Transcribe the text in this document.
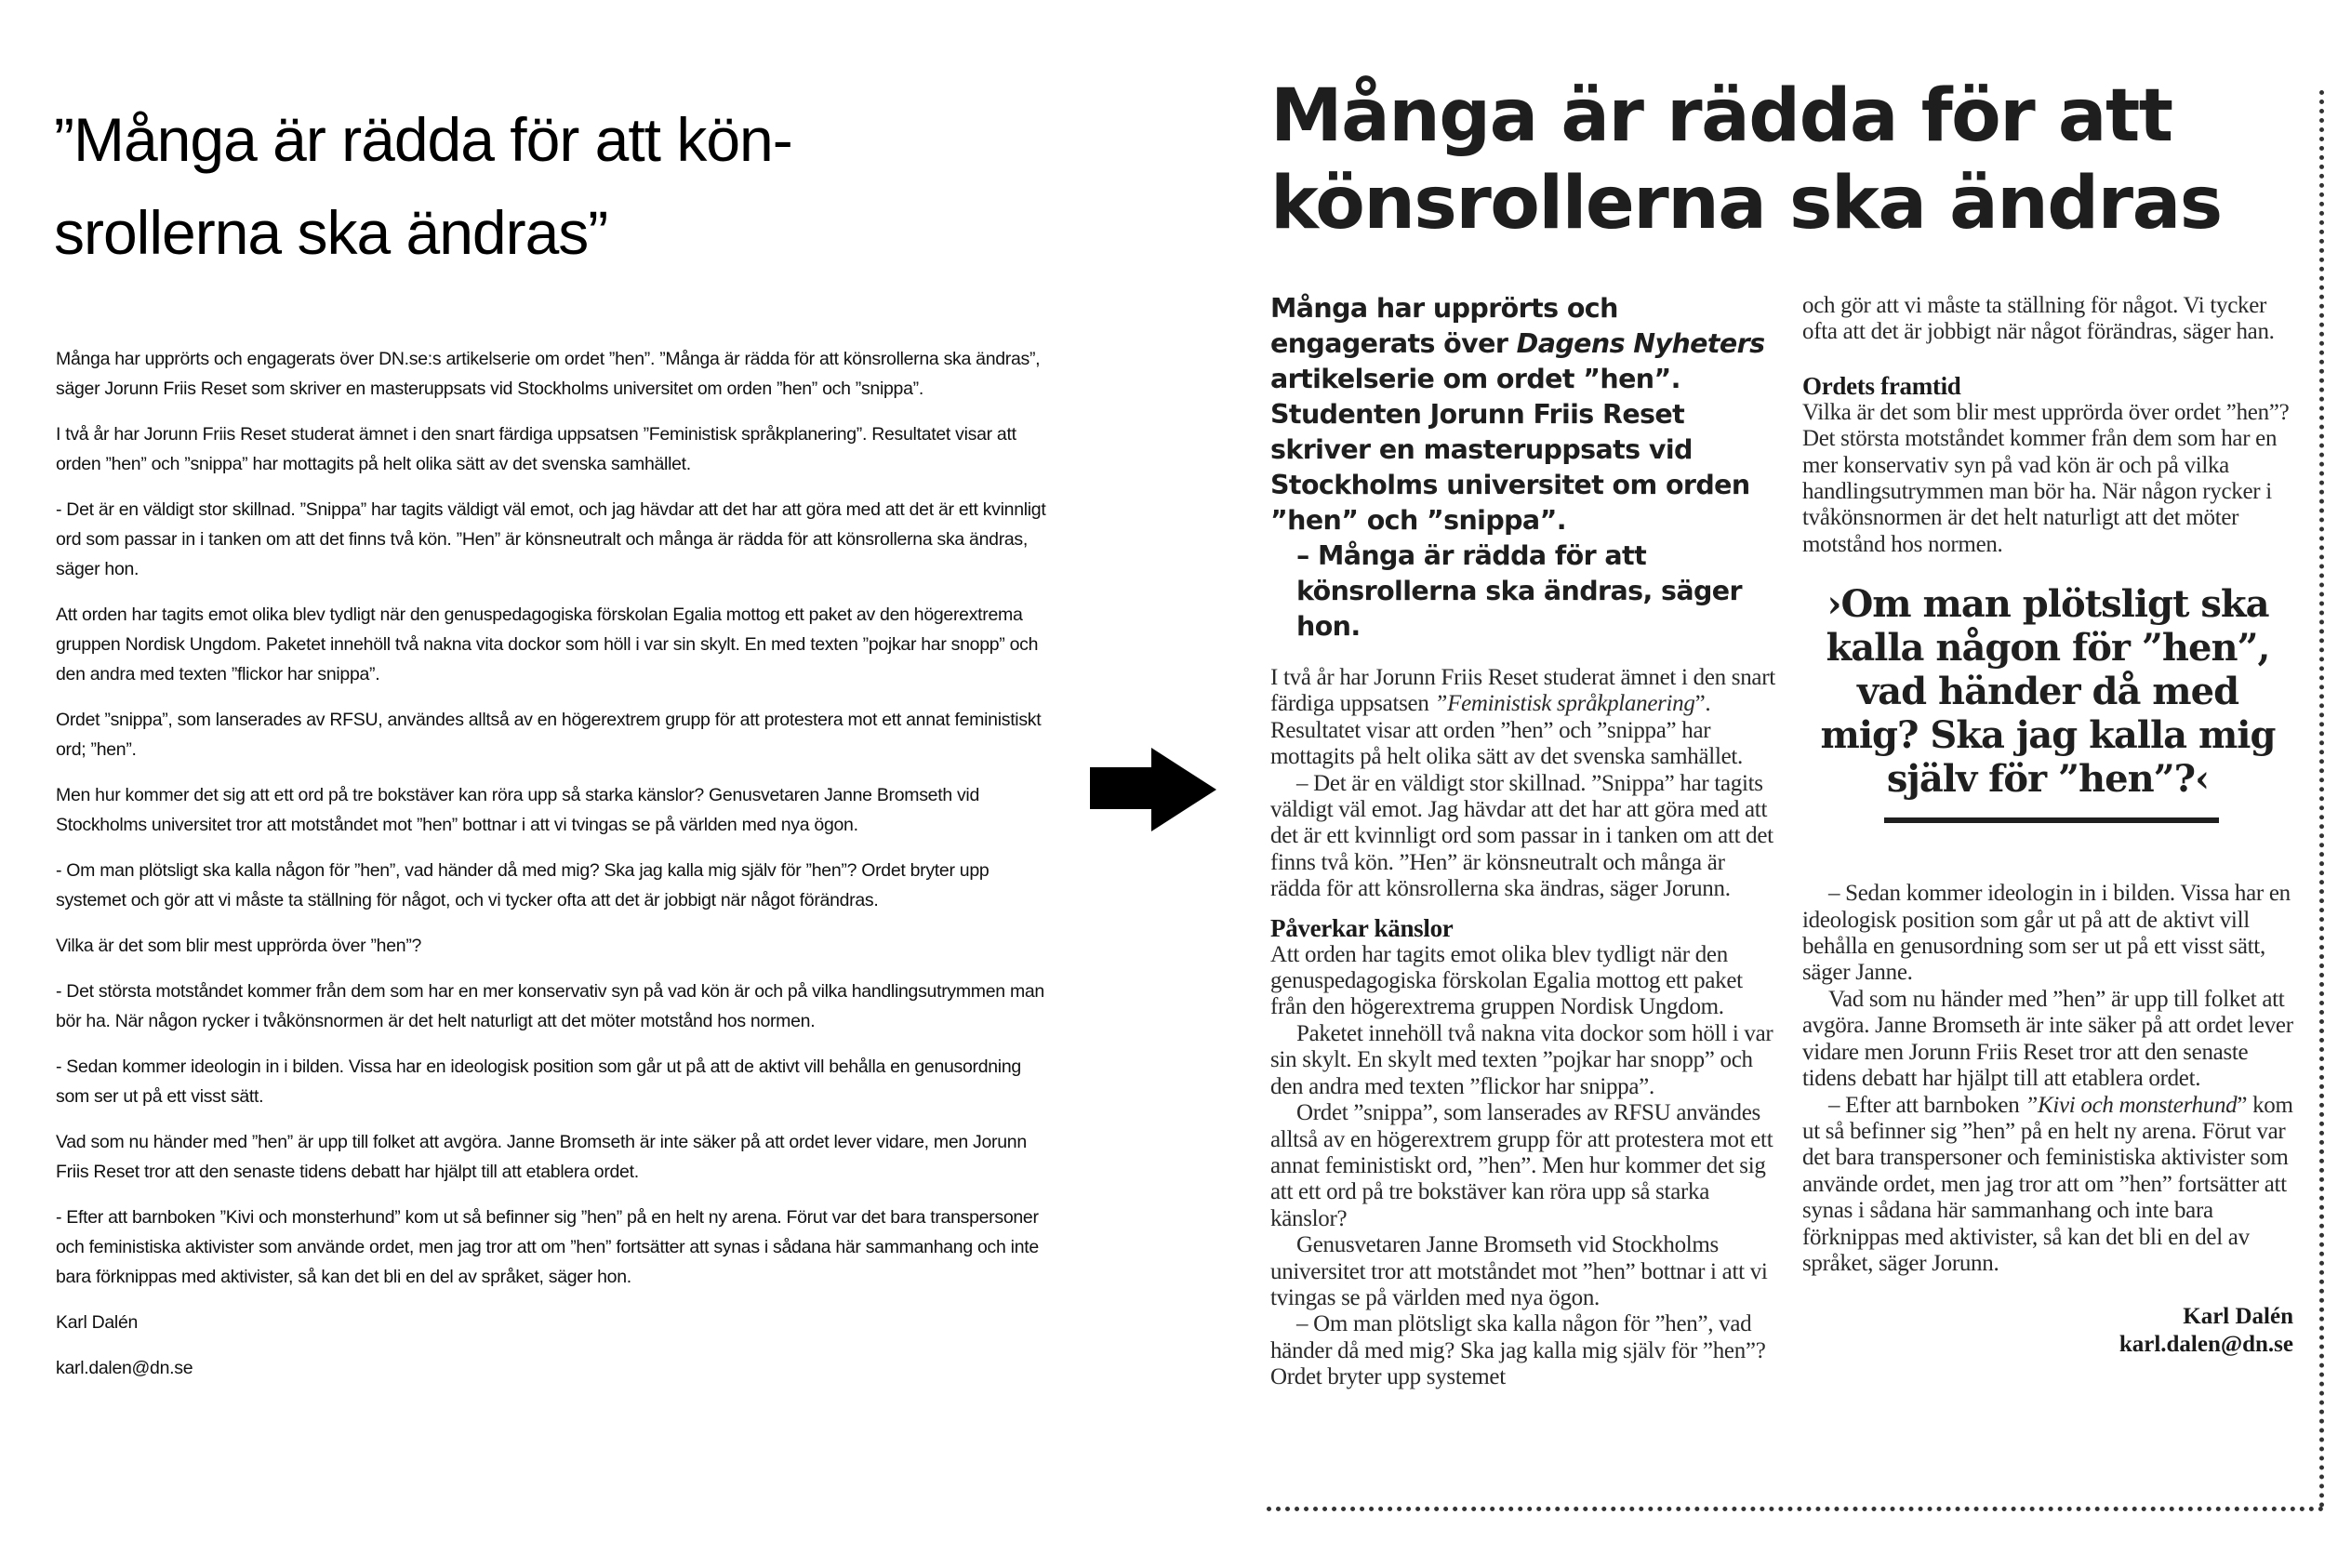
”Många är rädda för att kön-
srollerna ska ändras”

Många har upprörts och engagerats över DN.se:s artikelserie om ordet ”hen”. ”Många är rädda för att könsrollerna ska ändras”, säger Jorunn Friis Reset som skriver en masteruppsats vid Stockholms universitet om orden ”hen” och ”snippa”.

I två år har Jorunn Friis Reset studerat ämnet i den snart färdiga uppsatsen ”Feministisk språkplanering”. Resultatet visar att orden ”hen” och ”snippa” har mottagits på helt olika sätt av det svenska samhället.

- Det är en väldigt stor skillnad. ”Snippa” har tagits väldigt väl emot, och jag hävdar att det har att göra med att det är ett kvinnligt ord som passar in i tanken om att det finns två kön. ”Hen” är könsneutralt och många är rädda för att könsrollerna ska ändras, säger hon.

Att orden har tagits emot olika blev tydligt när den genuspedagogiska förskolan Egalia mottog ett paket av den högerextrema gruppen Nordisk Ungdom. Paketet innehöll två nakna vita dockor som höll i var sin skylt. En med texten ”pojkar har snopp” och den andra med texten ”flickor har snippa”.

Ordet ”snippa”, som lanserades av RFSU, användes alltså av en högerextrem grupp för att protestera mot ett annat feministiskt ord; ”hen”.

Men hur kommer det sig att ett ord på tre bokstäver kan röra upp så starka känslor? Genusvetaren Janne Bromseth vid Stockholms universitet tror att motståndet mot ”hen” bottnar i att vi tvingas se på världen med nya ögon.

- Om man plötsligt ska kalla någon för ”hen”, vad händer då med mig? Ska jag kalla mig själv för ”hen”? Ordet bryter upp systemet och gör att vi måste ta ställning för något, och vi tycker ofta att det är jobbigt när något förändras.

Vilka är det som blir mest upprörda över ”hen”?

- Det största motståndet kommer från dem som har en mer konservativ syn på vad kön är och på vilka handlingsutrymmen man bör ha. När någon rycker i tvåkönsnormen är det helt naturligt att det möter motstånd hos normen.

- Sedan kommer ideologin in i bilden. Vissa har en ideologisk position som går ut på att de aktivt vill behålla en genusordning som ser ut på ett visst sätt.

Vad som nu händer med ”hen” är upp till folket att avgöra. Janne Bromseth är inte säker på att ordet lever vidare, men Jorunn Friis Reset tror att den senaste tidens debatt har hjälpt till att etablera ordet.

- Efter att barnboken ”Kivi och monsterhund” kom ut så befinner sig ”hen” på en helt ny arena. Förut var det bara transpersoner och feministiska aktivister som använde ordet, men jag tror att om ”hen” fortsätter att synas i sådana här sammanhang och inte bara förknippas med aktivister, så kan det bli en del av språket, säger hon.

Karl Dalén

karl.dalen@dn.se

Många är rädda för att
könsrollerna ska ändras
Många har upprörts och engagerats över Dagens Nyheters artikelserie om ordet ”hen”. Studenten Jorunn Friis Reset skriver en masteruppsats vid Stockholms universitet om orden ”hen” och ”snippa”.
– Många är rädda för att könsrollerna ska ändras, säger hon.

I två år har Jorunn Friis Reset studerat ämnet i den snart färdiga uppsatsen ”Feministisk språkplanering”. Resultatet visar att orden ”hen” och ”snippa” har mottagits på helt olika sätt av det svenska samhället.

– Det är en väldigt stor skillnad. ”Snippa” har tagits väldigt väl emot. Jag hävdar att det har att göra med att det är ett kvinnligt ord som passar in i tanken om att det finns två kön. ”Hen” är könsneutralt och många är rädda för att könsrollerna ska ändras, säger Jorunn.

Påverkar känslor

Att orden har tagits emot olika blev tydligt när den genuspedagogiska förskolan Egalia mottog ett paket från den högerextrema gruppen Nordisk Ungdom.

Paketet innehöll två nakna vita dockor som höll i var sin skylt. En skylt med texten ”pojkar har snopp” och den andra med texten ”flickor har snippa”.

Ordet ”snippa”, som lanserades av RFSU användes alltså av en högerextrem grupp för att protestera mot ett annat feministiskt ord, ”hen”. Men hur kommer det sig att ett ord på tre bokstäver kan röra upp så starka känslor?

Genusvetaren Janne Bromseth vid Stockholms universitet tror att motståndet mot ”hen” bottnar i att vi tvingas se på världen med nya ögon.

– Om man plötsligt ska kalla någon för ”hen”, vad händer då med mig? Ska jag kalla mig själv för ”hen”? Ordet bryter upp systemet

och gör att vi måste ta ställning för något. Vi tycker ofta att det är jobbigt när något förändras, säger han.

Ordets framtid

Vilka är det som blir mest upprörda över ordet ”hen”? Det största motståndet kommer från dem som har en mer konservativ syn på vad kön är och på vilka handlingsutrymmen man bör ha. När någon rycker i tvåkönsnormen är det helt naturligt att det möter motstånd hos normen.

›Om man plötsligt ska kalla någon för ”hen”, vad händer då med mig? Ska jag kalla mig själv för ”hen”?‹

– Sedan kommer ideologin in i bilden. Vissa har en ideologisk position som går ut på att de aktivt vill behålla en genusordning som ser ut på ett visst sätt, säger Janne.

Vad som nu händer med ”hen” är upp till folket att avgöra. Janne Bromseth är inte säker på att ordet lever vidare men Jorunn Friis Reset tror att den senaste tidens debatt har hjälpt till att etablera ordet.

– Efter att barnboken ”Kivi och monsterhund” kom ut så befinner sig ”hen” på en helt ny arena. Förut var det bara transpersoner och feministiska aktivister som använde ordet, men jag tror att om ”hen” fortsätter att synas i sådana här sammanhang och inte bara förknippas med aktivister, så kan det bli en del av språket, säger Jorunn.

Karl Dalén
karl.dalen@dn.se
